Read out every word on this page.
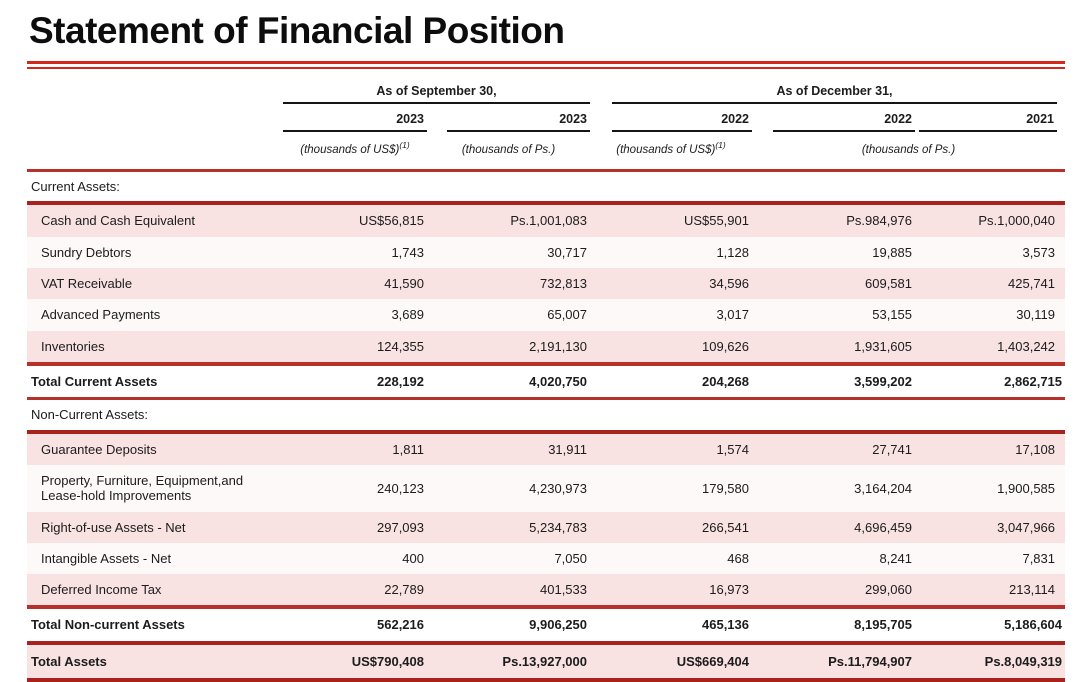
Statement of Financial Position

	As of September 30,		As of December 31,		

	2023	2023	2022	2022	2021

	(thousands of US$)$^{(1)}$	(thousands of Ps.)	(thousands of US$)$^{(1)}$	(thousands of Ps.)	

Current Assets:					
Cash and Cash Equivalent	US$56,815	Ps.1,001,083	US$55,901	Ps.984,976	Ps.1,000,040
Sundry Debtors	1,743	30,717	1,128	19,885	3,573
VAT Receivable	41,590	732,813	34,596	609,581	425,741
Advanced Payments	3,689	65,007	3,017	53,155	30,119
Inventories	124,355	2,191,130	109,626	1,931,605	1,403,242
Total Current Assets	228,192	4,020,750	204,268	3,599,202	2,862,715
Non-Current Assets:					
Guarantee Deposits	1,811	31,911	1,574	27,741	17,108
Property, Furniture, Equipment,and Lease-hold Improvements	240,123	4,230,973	179,580	3,164,204	1,900,585
Right-of-use Assets - Net	297,093	5,234,783	266,541	4,696,459	3,047,966
Intangible Assets - Net	400	7,050	468	8,241	7,831
Deferred Income Tax	22,789	401,533	16,973	299,060	213,114
Total Non-current Assets	562,216	9,906,250	465,136	8,195,705	5,186,604
Total Assets	US$790,408	Ps.13,927,000	US$669,404	Ps.11,794,907	Ps.8,049,319
